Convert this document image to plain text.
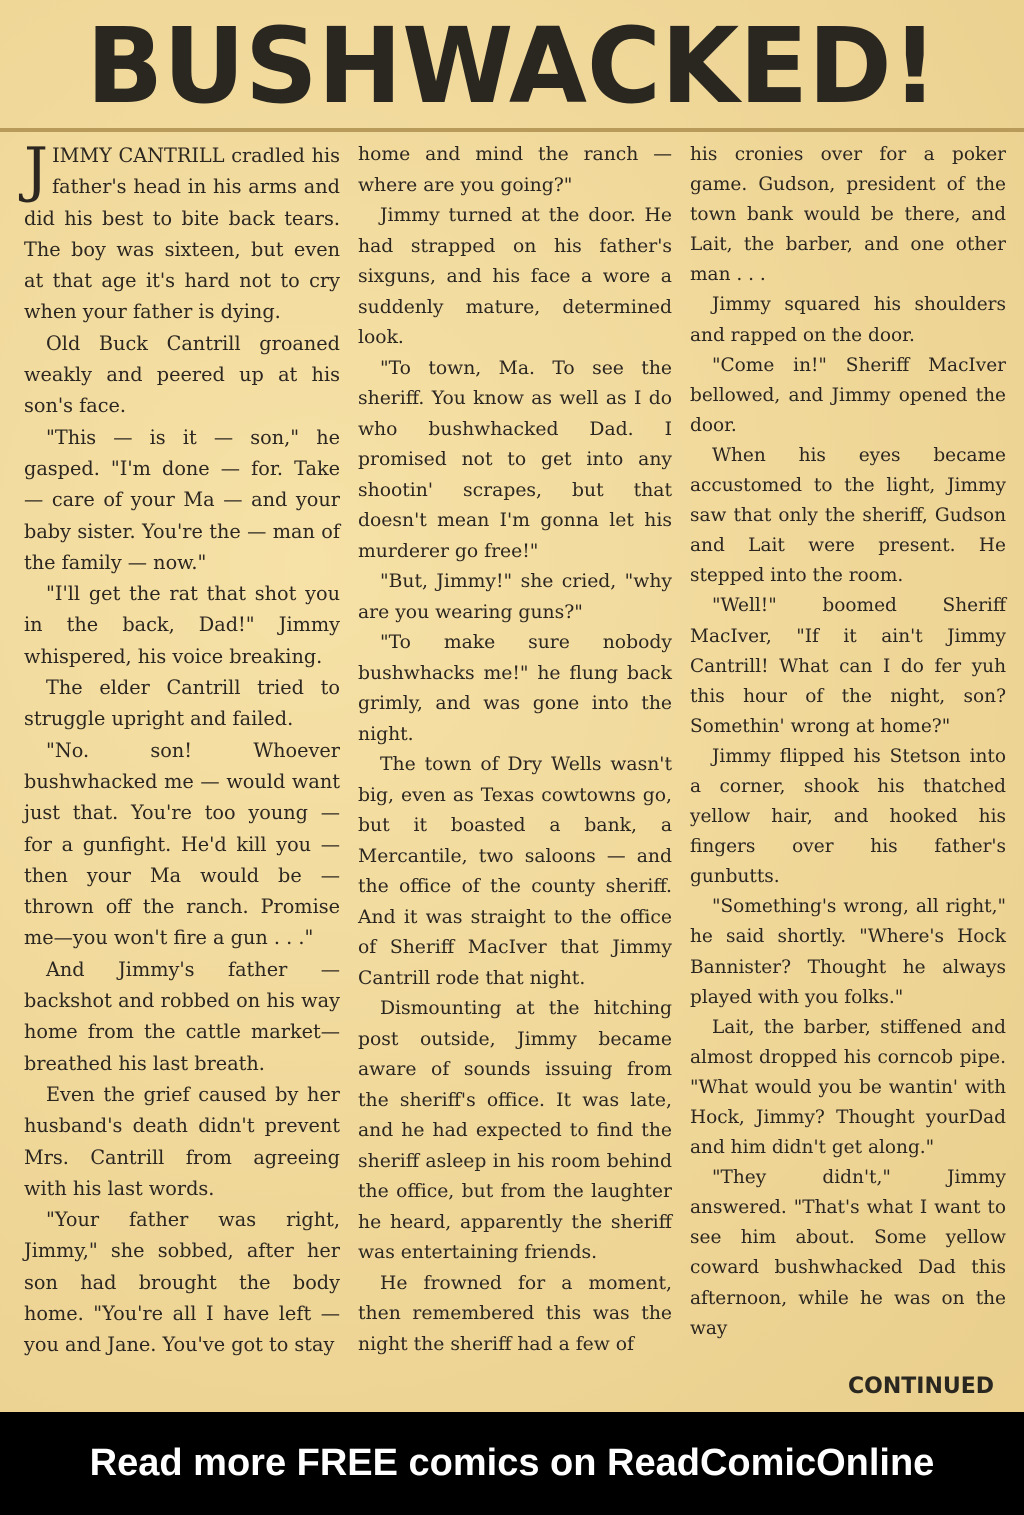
BUSHWACKED!

JIMMY CANTRILL cradled his father's head in his arms and did his best to bite back tears. The boy was sixteen, but even at that age it's hard not to cry when your father is dying.

Old Buck Cantrill groaned weakly and peered up at his son's face.

"This — is it — son," he gasped. "I'm done — for. Take — care of your Ma — and your baby sister. You're the — man of the family — now."

"I'll get the rat that shot you in the back, Dad!" Jimmy whispered, his voice breaking.

The elder Cantrill tried to struggle upright and failed.

"No. son! Whoever bushwhacked me — would want just that. You're too young — for a gunfight. He'd kill you — then your Ma would be — thrown off the ranch. Promise me—you won't fire a gun . . ."

And Jimmy's father — backshot and robbed on his way home from the cattle market—breathed his last breath.

Even the grief caused by her husband's death didn't prevent Mrs. Cantrill from agreeing with his last words.

"Your father was right, Jimmy," she sobbed, after her son had brought the body home. "You're all I have left — you and Jane. You've got to stay

home and mind the ranch — where are you going?"

Jimmy turned at the door. He had strapped on his father's sixguns, and his face a wore a suddenly mature, determined look.

"To town, Ma. To see the sheriff. You know as well as I do who bushwhacked Dad. I promised not to get into any shootin' scrapes, but that doesn't mean I'm gonna let his murderer go free!"

"But, Jimmy!" she cried, "why are you wearing guns?"

"To make sure nobody bushwhacks me!" he flung back grimly, and was gone into the night.

The town of Dry Wells wasn't big, even as Texas cowtowns go, but it boasted a bank, a Mercantile, two saloons — and the office of the county sheriff. And it was straight to the office of Sheriff MacIver that Jimmy Cantrill rode that night.

Dismounting at the hitching post outside, Jimmy became aware of sounds issuing from the sheriff's office. It was late, and he had expected to find the sheriff asleep in his room behind the office, but from the laughter he heard, apparently the sheriff was entertaining friends.

He frowned for a moment, then remembered this was the night the sheriff had a few of

his cronies over for a poker game. Gudson, president of the town bank would be there, and Lait, the barber, and one other man . . .

Jimmy squared his shoulders and rapped on the door.

"Come in!" Sheriff MacIver bellowed, and Jimmy opened the door.

When his eyes became accustomed to the light, Jimmy saw that only the sheriff, Gudson and Lait were present. He stepped into the room.

"Well!" boomed Sheriff MacIver, "If it ain't Jimmy Cantrill! What can I do fer yuh this hour of the night, son? Somethin' wrong at home?"

Jimmy flipped his Stetson into a corner, shook his thatched yellow hair, and hooked his fingers over his father's gunbutts.

"Something's wrong, all right," he said shortly. "Where's Hock Bannister? Thought he always played with you folks."

Lait, the barber, stiffened and almost dropped his corncob pipe. "What would you be wantin' with Hock, Jimmy? Thought yourDad and him didn't get along."

"They didn't," Jimmy answered. "That's what I want to see him about. Some yellow coward bushwhacked Dad this afternoon, while he was on the way

CONTINUED
Read more FREE comics on ReadComicOnline
